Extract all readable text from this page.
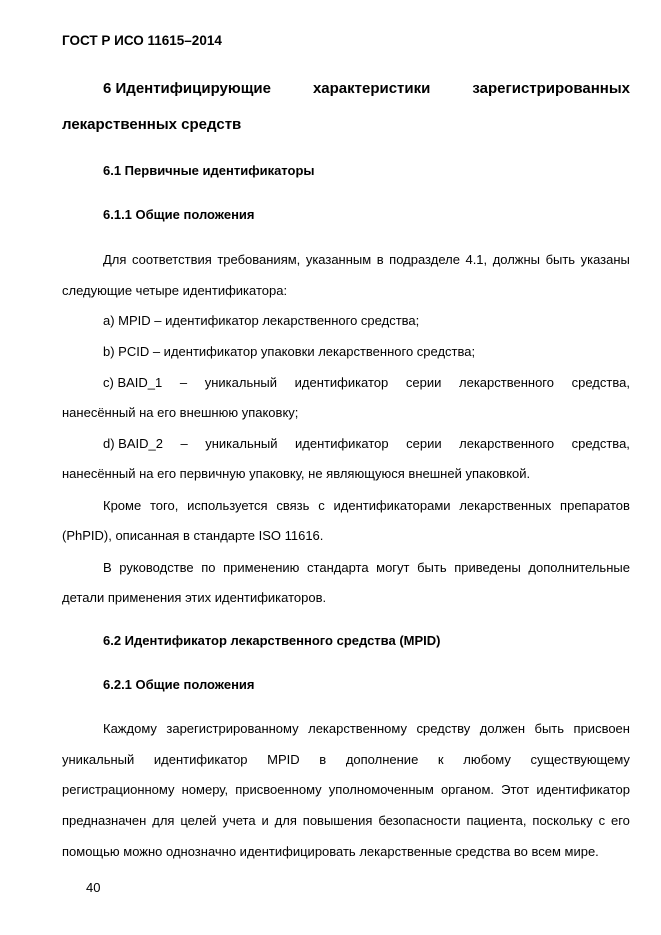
ГОСТ Р ИСО 11615–2014
6 Идентифицирующие	характеристики	зарегистрированных
лекарственных средств
6.1 Первичные идентификаторы
6.1.1 Общие положения
Для соответствия требованиям, указанным в подразделе 4.1, должны быть указаны
следующие четыре идентификатора:
a) MPID – идентификатор лекарственного средства;
b) PCID – идентификатор упаковки лекарственного средства;
c) BAID_1 – уникальный идентификатор серии лекарственного средства,
нанесённый на его внешнюю упаковку;
d) BAID_2 – уникальный идентификатор серии лекарственного средства,
нанесённый на его первичную упаковку, не являющуюся внешней упаковкой.
Кроме того, используется связь с идентификаторами лекарственных препаратов
(PhPID), описанная в стандарте ISO 11616.
В руководстве по применению стандарта могут быть приведены дополнительные
детали применения этих идентификаторов.
6.2 Идентификатор лекарственного средства (MPID)
6.2.1 Общие положения
Каждому зарегистрированному лекарственному средству должен быть присвоен
уникальный идентификатор MPID в дополнение к любому существующему
регистрационному номеру, присвоенному уполномоченным органом. Этот идентификатор
предназначен для целей учета и для повышения безопасности пациента, поскольку с его
помощью можно однозначно идентифицировать лекарственные средства во всем мире.
40
